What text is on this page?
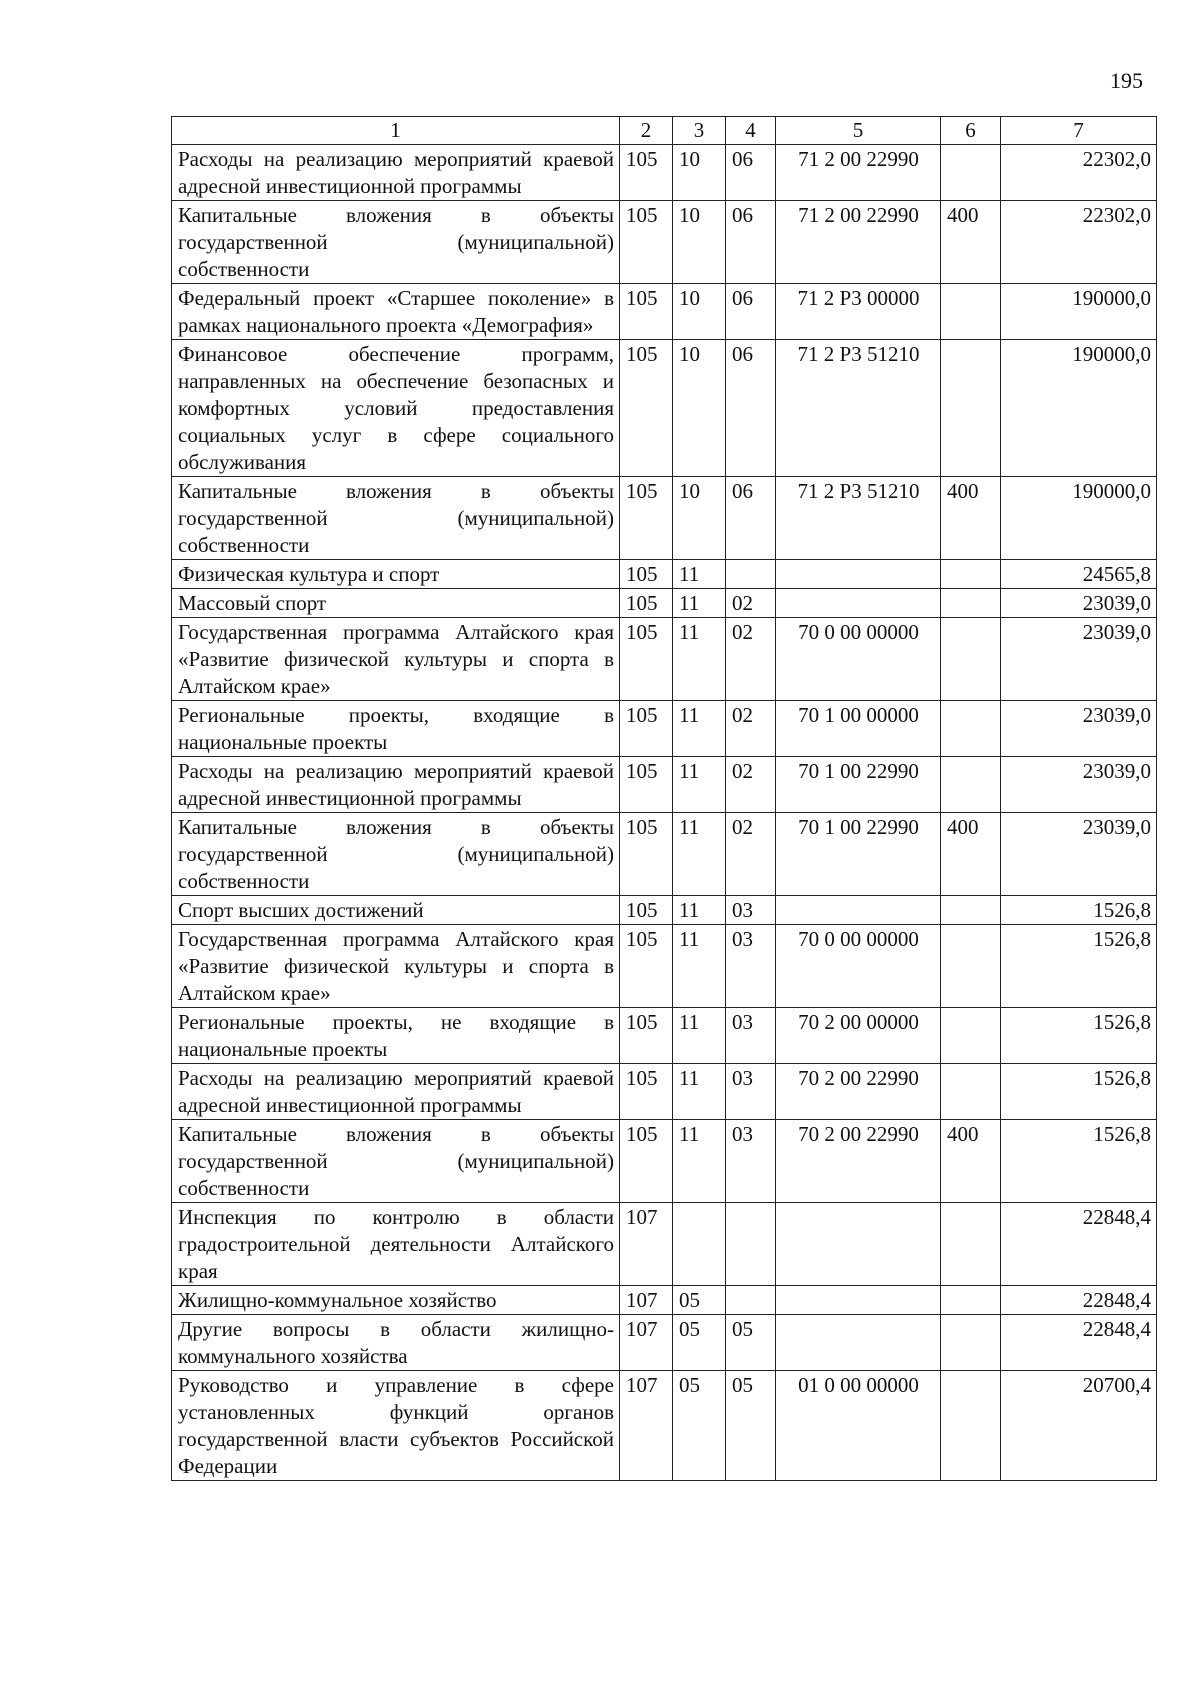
195
1	2	3	4	5	6	7
Расходы на реализацию мероприятий краевой адресной инвестиционной программы	105	10	06	71 2 00 22990		22302,0
Капитальные вложения в объекты государственной (муниципальной) собственности	105	10	06	71 2 00 22990	400	22302,0
Федеральный проект «Старшее поколение» в рамках национального проекта «Демография»	105	10	06	71 2 Р3 00000		190000,0
Финансовое обеспечение программ, направленных на обеспечение безопасных и комфортных условий предоставления социальных услуг в сфере социального обслуживания	105	10	06	71 2 Р3 51210		190000,0
Капитальные вложения в объекты государственной (муниципальной) собственности	105	10	06	71 2 Р3 51210	400	190000,0
Физическая культура и спорт	105	11				24565,8
Массовый спорт	105	11	02			23039,0
Государственная программа Алтайского края «Развитие физической культуры и спорта в Алтайском крае»	105	11	02	70 0 00 00000		23039,0
Региональные проекты, входящие в национальные проекты	105	11	02	70 1 00 00000		23039,0
Расходы на реализацию мероприятий краевой адресной инвестиционной программы	105	11	02	70 1 00 22990		23039,0
Капитальные вложения в объекты государственной (муниципальной) собственности	105	11	02	70 1 00 22990	400	23039,0
Спорт высших достижений	105	11	03			1526,8
Государственная программа Алтайского края «Развитие физической культуры и спорта в Алтайском крае»	105	11	03	70 0 00 00000		1526,8
Региональные проекты, не входящие в национальные проекты	105	11	03	70 2 00 00000		1526,8
Расходы на реализацию мероприятий краевой адресной инвестиционной программы	105	11	03	70 2 00 22990		1526,8
Капитальные вложения в объекты государственной (муниципальной) собственности	105	11	03	70 2 00 22990	400	1526,8
Инспекция по контролю в области градостроительной деятельности Алтайского края	107					22848,4
Жилищно-коммунальное хозяйство	107	05				22848,4
Другие вопросы в области жилищно-коммунального хозяйства	107	05	05			22848,4
Руководство и управление в сфере установленных функций органов государственной власти субъектов Российской Федерации	107	05	05	01 0 00 00000		20700,4
